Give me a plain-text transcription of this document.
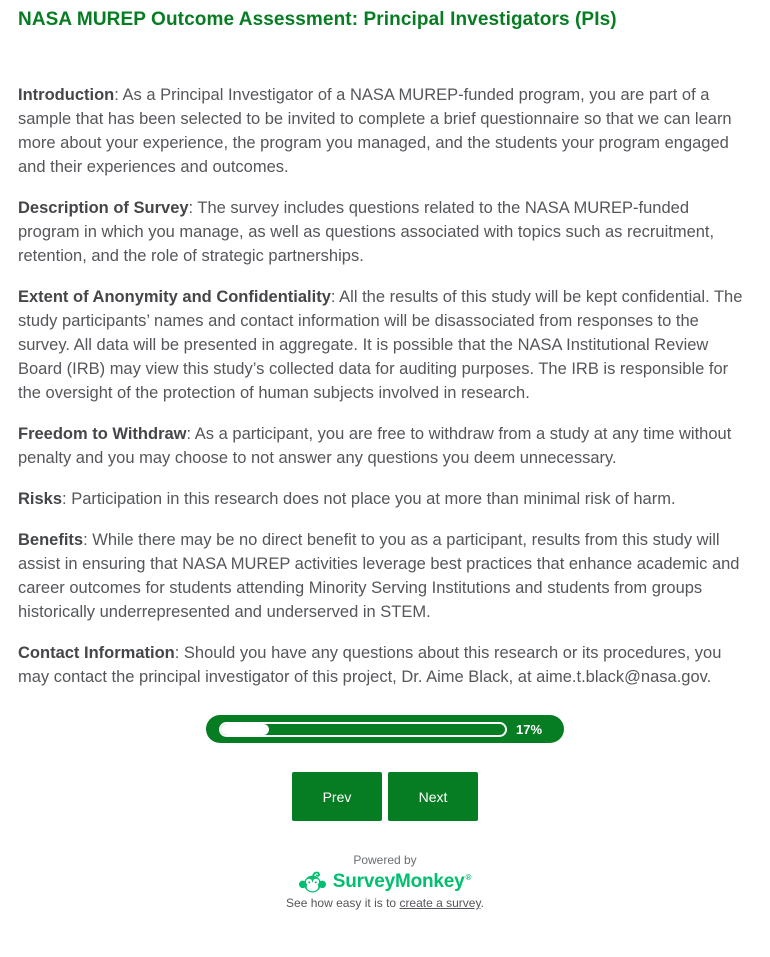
NASA MUREP Outcome Assessment: Principal Investigators (PIs)

Introduction: As a Principal Investigator of a NASA MUREP-funded program, you are part of a sample that has been selected to be invited to complete a brief questionnaire so that we can learn more about your experience, the program you managed, and the students your program engaged and their experiences and outcomes.

Description of Survey: The survey includes questions related to the NASA MUREP-funded program in which you manage, as well as questions associated with topics such as recruitment, retention, and the role of strategic partnerships.

Extent of Anonymity and Confidentiality: All the results of this study will be kept confidential. The study participants’ names and contact information will be disassociated from responses to the survey. All data will be presented in aggregate. It is possible that the NASA Institutional Review Board (IRB) may view this study’s collected data for auditing purposes. The IRB is responsible for the oversight of the protection of human subjects involved in research.

Freedom to Withdraw: As a participant, you are free to withdraw from a study at any time without penalty and you may choose to not answer any questions you deem unnecessary.

Risks: Participation in this research does not place you at more than minimal risk of harm.

Benefits: While there may be no direct benefit to you as a participant, results from this study will assist in ensuring that NASA MUREP activities leverage best practices that enhance academic and career outcomes for students attending Minority Serving Institutions and students from groups historically underrepresented and underserved in STEM.

Contact Information: Should you have any questions about this research or its procedures, you may contact the principal investigator of this project, Dr. Aime Black, at aime.t.black@nasa.gov.

17%
Prev	Next
Powered by
SurveyMonkey®
See how easy it is to create a survey.
